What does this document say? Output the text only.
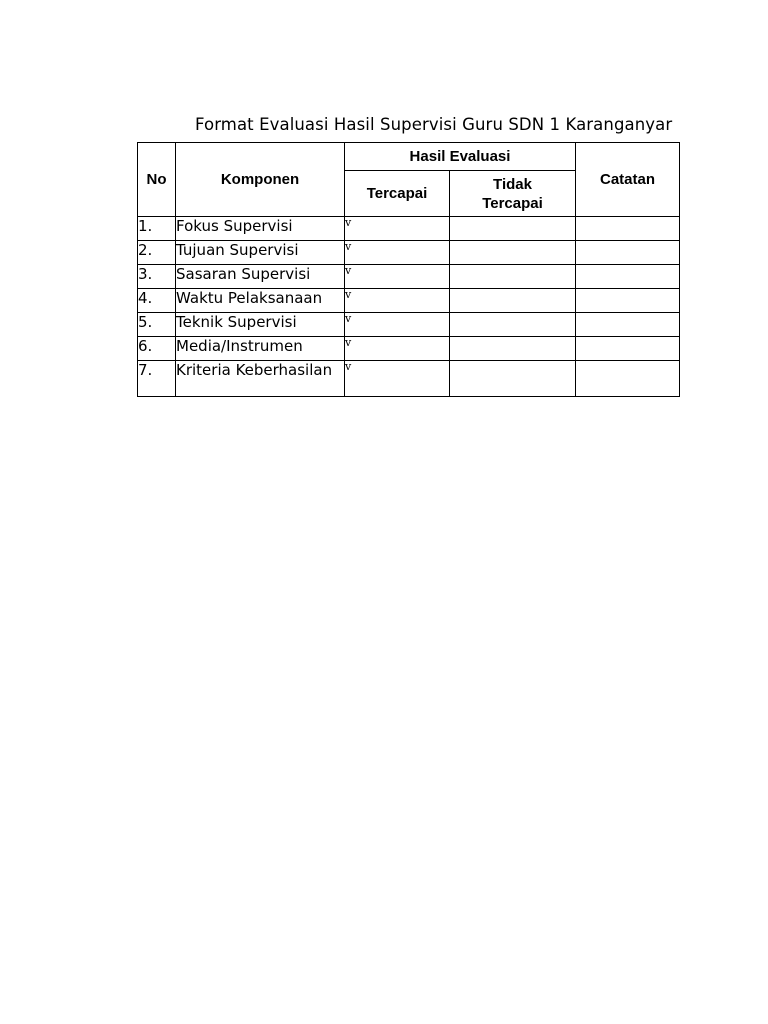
Format Evaluasi Hasil Supervisi Guru SDN 1 Karanganyar
No	Komponen	Hasil Evaluasi		Catatan
		Tercapai	Tidak Tercapai	

1.	Fokus Supervisi	v		
2.	Tujuan Supervisi	v		
3.	Sasaran Supervisi	v		
4.	Waktu Pelaksanaan	v		
5.	Teknik Supervisi	v		
6.	Media/Instrumen	v		
7.	Kriteria Keberhasilan	v		
